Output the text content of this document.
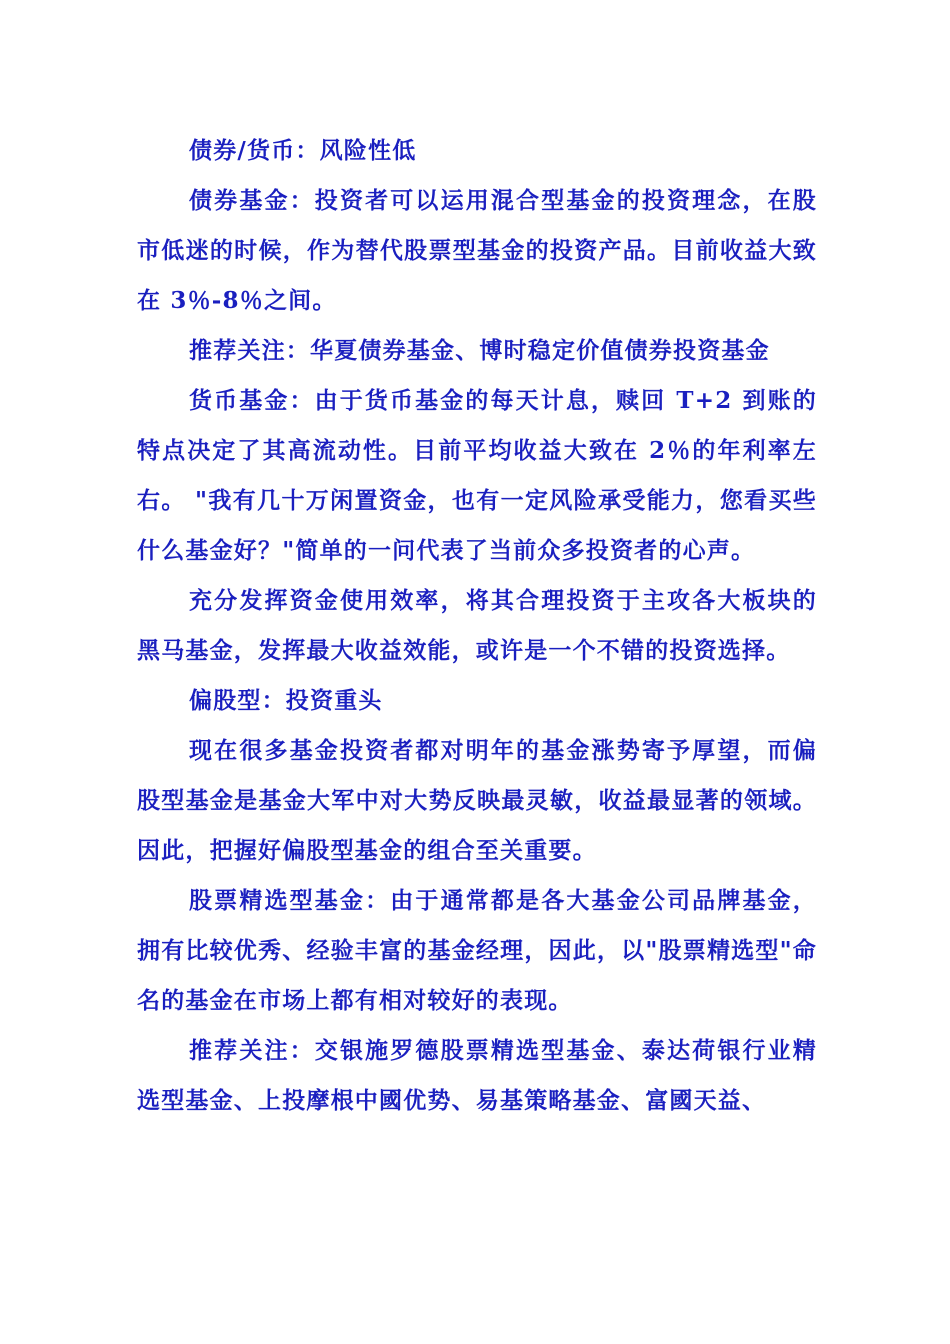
债券/货币：风险性低

债券基金：投资者可以运用混合型基金的投资理念，在股市低迷的时候，作为替代股票型基金的投资产品。目前收益大致在 3％-8％之间。

推荐关注：华夏债券基金、博时稳定价值债券投资基金

货币基金：由于货币基金的每天计息，赎回 T+2 到账的特点决定了其高流动性。目前平均收益大致在 2％的年利率左右。 "我有几十万闲置资金，也有一定风险承受能力，您看买些什么基金好？"简单的一问代表了当前众多投资者的心声。

充分发挥资金使用效率，将其合理投资于主攻各大板块的黑马基金，发挥最大收益效能，或许是一个不错的投资选择。

偏股型：投资重头

现在很多基金投资者都对明年的基金涨势寄予厚望，而偏股型基金是基金大军中对大势反映最灵敏，收益最显著的领域。因此，把握好偏股型基金的组合至关重要。

股票精选型基金：由于通常都是各大基金公司品牌基金，拥有比较优秀、经验丰富的基金经理，因此，以"股票精选型"命名的基金在市场上都有相对较好的表现。

推荐关注：交银施罗德股票精选型基金、泰达荷银行业精选型基金、上投摩根中國优势、易基策略基金、富國天益、
